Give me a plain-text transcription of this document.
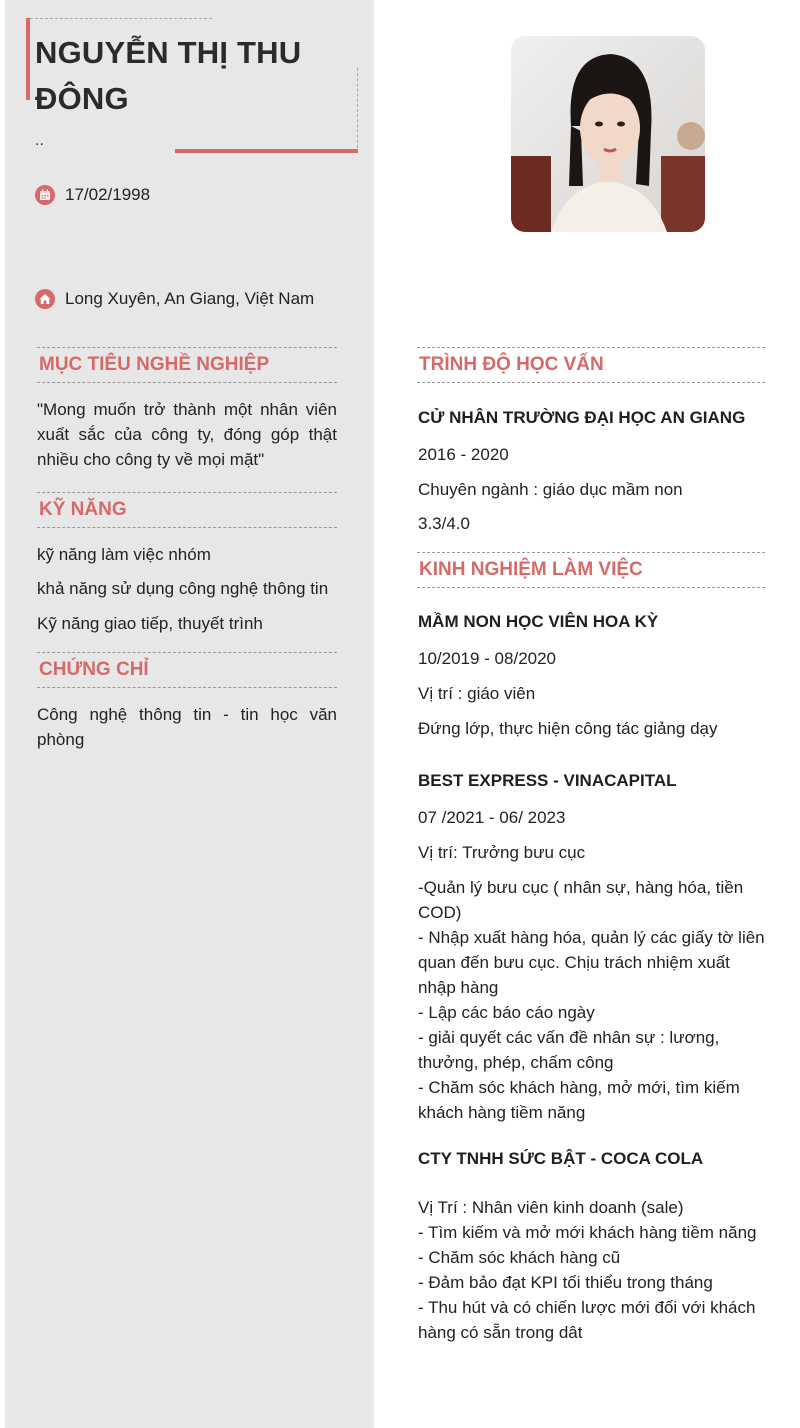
NGUYỄN THỊ THU ĐÔNG
..
17/02/1998
Long Xuyên, An Giang, Việt Nam
MỤC TIÊU NGHỀ NGHIỆP
"Mong muốn trở thành một nhân viên xuất sắc của công ty, đóng góp thật nhiều cho công ty về mọi mặt"
KỸ NĂNG
kỹ năng làm việc nhóm
khả năng sử dụng công nghệ thông tin
Kỹ năng giao tiếp, thuyết trình
CHỨNG CHỈ
Công nghệ thông tin - tin học văn phòng
TRÌNH ĐỘ HỌC VẤN
CỬ NHÂN TRƯỜNG ĐẠI HỌC AN GIANG
2016 - 2020
Chuyên ngành : giáo dục mầm non
3.3/4.0
KINH NGHIỆM LÀM VIỆC
MẦM NON HỌC VIÊN HOA KỲ
10/2019 - 08/2020
Vị trí : giáo viên
Đứng lớp, thực hiện công tác giảng dạy
BEST EXPRESS - VINACAPITAL
07 /2021 - 06/ 2023
Vị trí: Trưởng bưu cục
-Quản lý bưu cục ( nhân sự, hàng hóa, tiền COD)
- Nhập xuất hàng hóa, quản lý các giấy tờ liên quan đến bưu cục. Chịu trách nhiệm xuất nhập hàng
- Lập các báo cáo ngày
- giải quyết các vấn đề nhân sự : lương, thưởng, phép, chấm công
- Chăm sóc khách hàng, mở mới, tìm kiếm khách hàng tiềm năng
CTY TNHH SỨC BẬT - COCA COLA
Vị Trí : Nhân viên kinh doanh (sale)
- Tìm kiếm và mở mới khách hàng tiềm năng
- Chăm sóc khách hàng cũ
- Đảm bảo đạt KPI tối thiểu trong tháng
- Thu hút và có chiến lược mới đối với khách hàng có sẵn trong dât
